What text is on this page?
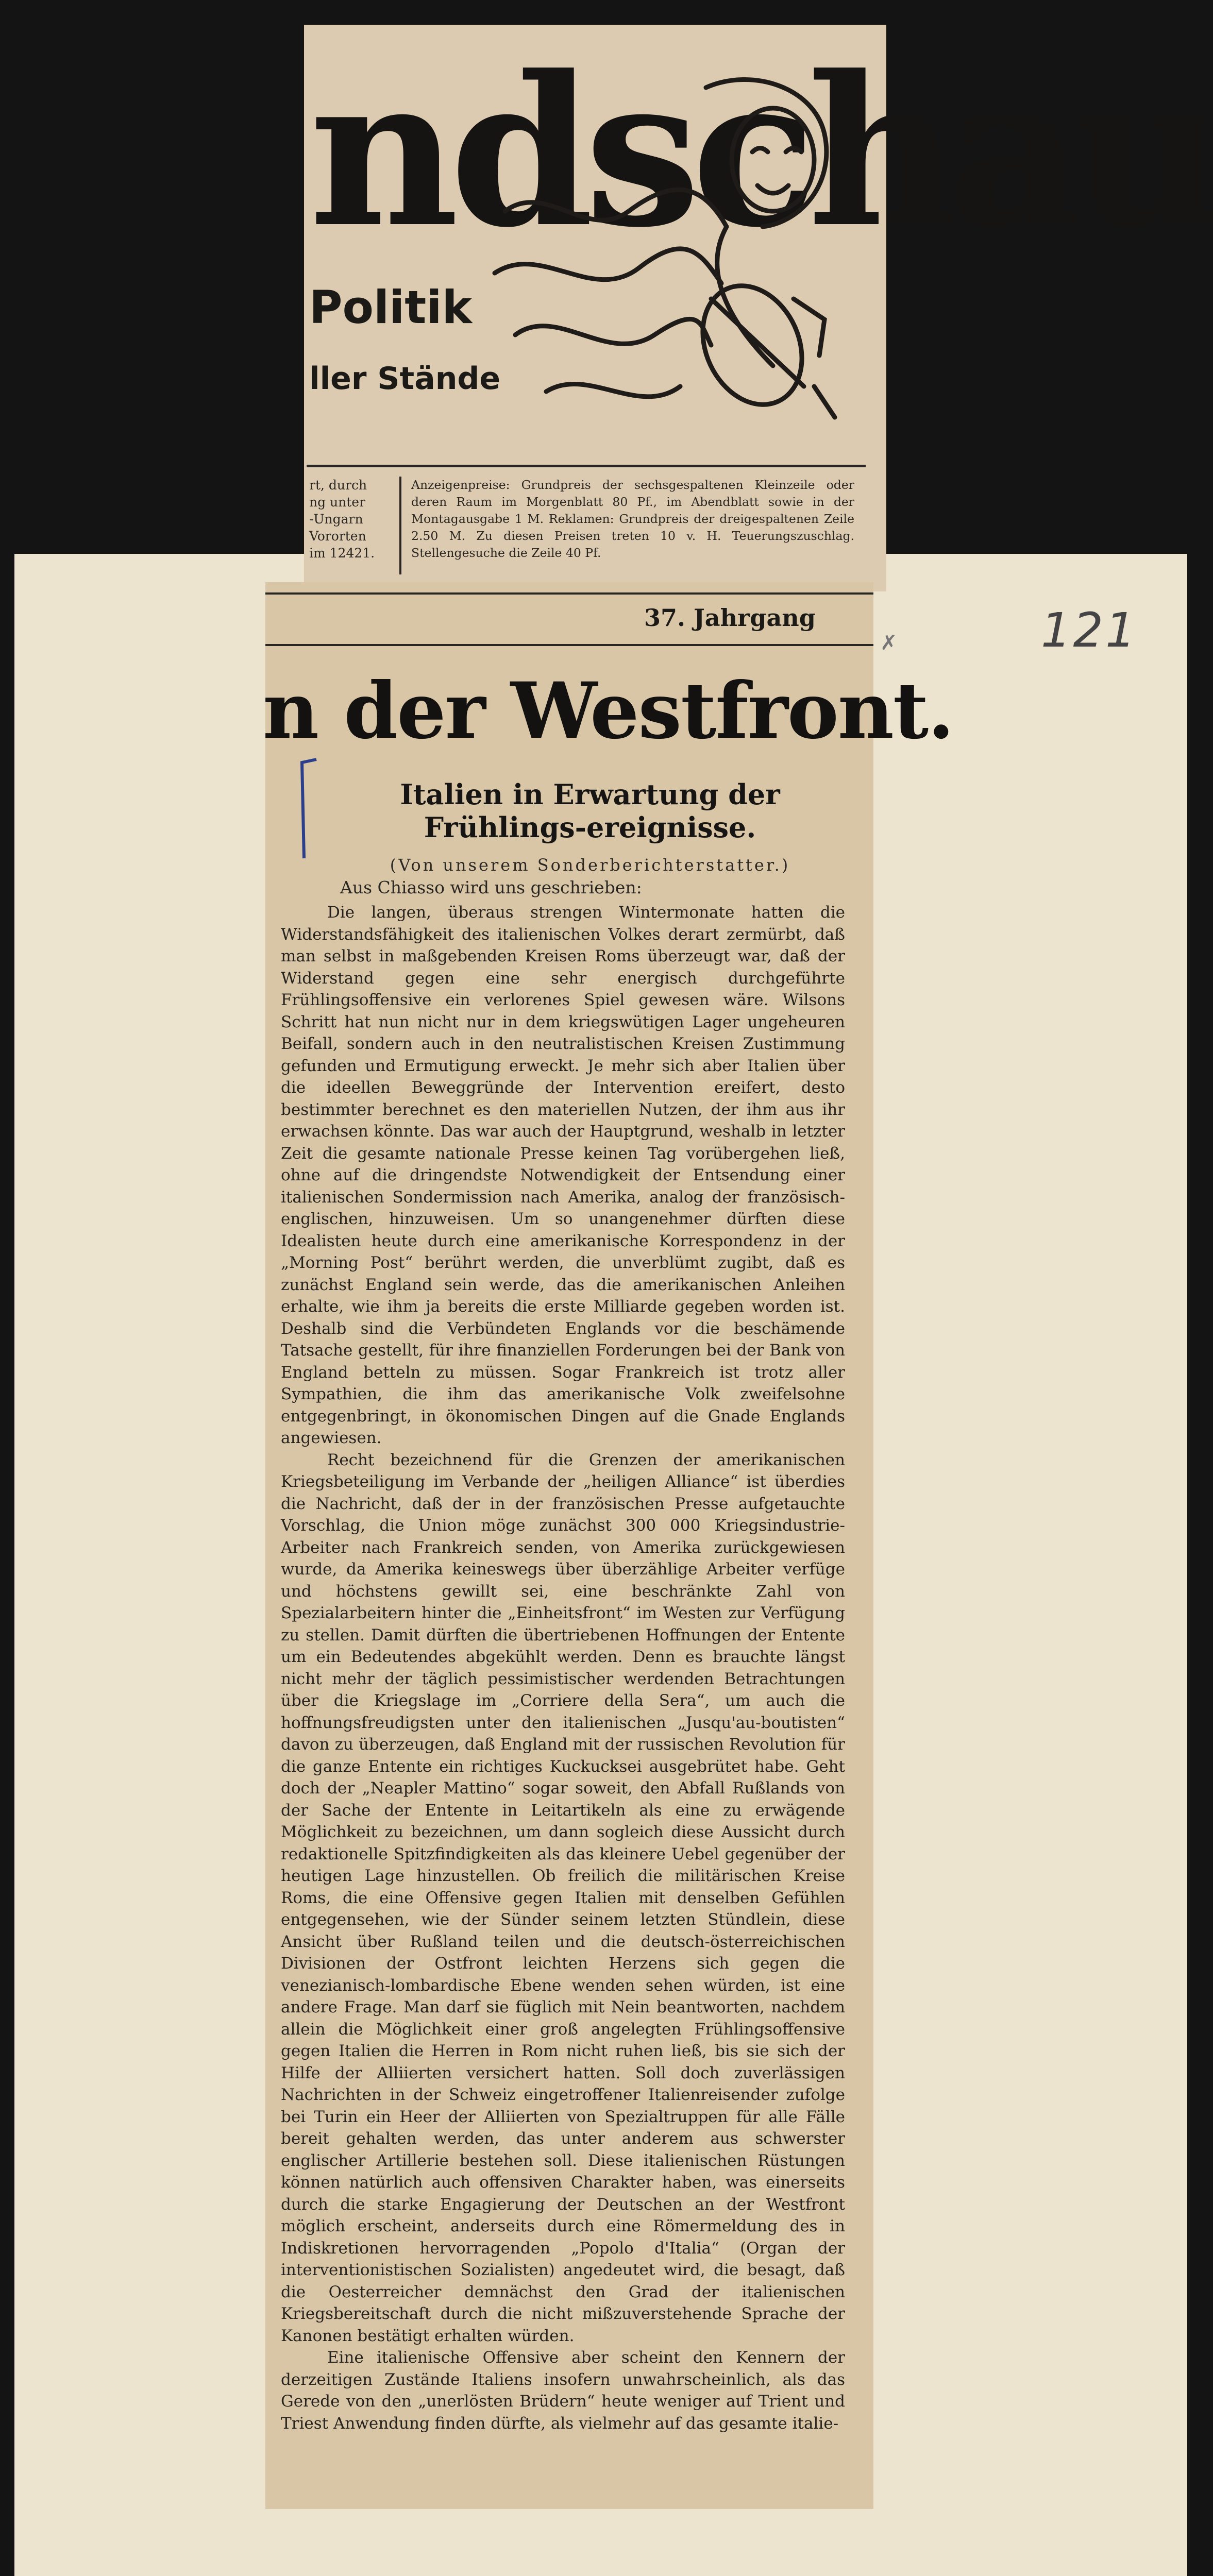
ndschau
Politik
ller Stände
rt, durch
ng unter
-Ungarn
Vororten
im 12421.
Anzeigenpreise: Grundpreis der sechsgespaltenen Kleinzeile oder deren Raum im Morgenblatt 80 Pf., im Abendblatt sowie in der Montagausgabe 1 M. Reklamen: Grundpreis der dreigespaltenen Zeile 2.50 M. Zu diesen Preisen treten 10 v. H. Teuerungszuschlag. Stellengesuche die Zeile 40 Pf.
37. Jahrgang
✗	121
n der Westfront.
Italien in Erwartung der Frühlings-ereignisse.
(Von unserem Sonderberichterstatter.)
Aus Chiasso wird uns geschrieben:

Die langen, überaus strengen Wintermonate hatten die Widerstandsfähigkeit des italienischen Volkes derart zermürbt, daß man selbst in maßgebenden Kreisen Roms überzeugt war, daß der Widerstand gegen eine sehr energisch durchgeführte Frühlingsoffensive ein verlorenes Spiel gewesen wäre. Wilsons Schritt hat nun nicht nur in dem kriegswütigen Lager ungeheuren Beifall, sondern auch in den neutralistischen Kreisen Zustimmung gefunden und Ermutigung erweckt. Je mehr sich aber Italien über die ideellen Beweggründe der Intervention ereifert, desto bestimmter berechnet es den materiellen Nutzen, der ihm aus ihr erwachsen könnte. Das war auch der Hauptgrund, weshalb in letzter Zeit die gesamte nationale Presse keinen Tag vorübergehen ließ, ohne auf die dringendste Notwendigkeit der Entsendung einer italienischen Sondermission nach Amerika, analog der französisch-englischen, hinzuweisen. Um so unangenehmer dürften diese Idealisten heute durch eine amerikanische Korrespondenz in der „Morning Post“ berührt werden, die unverblümt zugibt, daß es zunächst England sein werde, das die amerikanischen Anleihen erhalte, wie ihm ja bereits die erste Milliarde gegeben worden ist. Deshalb sind die Verbündeten Englands vor die beschämende Tatsache gestellt, für ihre finanziellen Forderungen bei der Bank von England betteln zu müssen. Sogar Frankreich ist trotz aller Sympathien, die ihm das amerikanische Volk zweifelsohne entgegenbringt, in ökonomischen Dingen auf die Gnade Englands angewiesen.

Recht bezeichnend für die Grenzen der amerikanischen Kriegsbeteiligung im Verbande der „heiligen Alliance“ ist überdies die Nachricht, daß der in der französischen Presse aufgetauchte Vorschlag, die Union möge zunächst 300 000 Kriegsindustrie-Arbeiter nach Frankreich senden, von Amerika zurückgewiesen wurde, da Amerika keineswegs über überzählige Arbeiter verfüge und höchstens gewillt sei, eine beschränkte Zahl von Spezialarbeitern hinter die „Einheitsfront“ im Westen zur Verfügung zu stellen. Damit dürften die übertriebenen Hoffnungen der Entente um ein Bedeutendes abgekühlt werden. Denn es brauchte längst nicht mehr der täglich pessimistischer werdenden Betrachtungen über die Kriegslage im „Corriere della Sera“, um auch die hoffnungsfreudigsten unter den italienischen „Jusqu'au-boutisten“ davon zu überzeugen, daß England mit der russischen Revolution für die ganze Entente ein richtiges Kuckucksei ausgebrütet habe. Geht doch der „Neapler Mattino“ sogar soweit, den Abfall Rußlands von der Sache der Entente in Leitartikeln als eine zu erwägende Möglichkeit zu bezeichnen, um dann sogleich diese Aussicht durch redaktionelle Spitzfindigkeiten als das kleinere Uebel gegenüber der heutigen Lage hinzustellen. Ob freilich die militärischen Kreise Roms, die eine Offensive gegen Italien mit denselben Gefühlen entgegensehen, wie der Sünder seinem letzten Stündlein, diese Ansicht über Rußland teilen und die deutsch-österreichischen Divisionen der Ostfront leichten Herzens sich gegen die venezianisch-lombardische Ebene wenden sehen würden, ist eine andere Frage. Man darf sie füglich mit Nein beantworten, nachdem allein die Möglichkeit einer groß angelegten Frühlingsoffensive gegen Italien die Herren in Rom nicht ruhen ließ, bis sie sich der Hilfe der Alliierten versichert hatten. Soll doch zuverlässigen Nachrichten in der Schweiz eingetroffener Italienreisender zufolge bei Turin ein Heer der Alliierten von Spezialtruppen für alle Fälle bereit gehalten werden, das unter anderem aus schwerster englischer Artillerie bestehen soll. Diese italienischen Rüstungen können natürlich auch offensiven Charakter haben, was einerseits durch die starke Engagierung der Deutschen an der Westfront möglich erscheint, anderseits durch eine Römermeldung des in Indiskretionen hervorragenden „Popolo d'Italia“ (Organ der interventionistischen Sozialisten) angedeutet wird, die besagt, daß die Oesterreicher demnächst den Grad der italienischen Kriegsbereitschaft durch die nicht mißzuverstehende Sprache der Kanonen bestätigt erhalten würden.

Eine italienische Offensive aber scheint den Kennern der derzeitigen Zustände Italiens insofern unwahrscheinlich, als das Gerede von den „unerlösten Brüdern“ heute weniger auf Trient und Triest Anwendung finden dürfte, als vielmehr auf das gesamte italie-
